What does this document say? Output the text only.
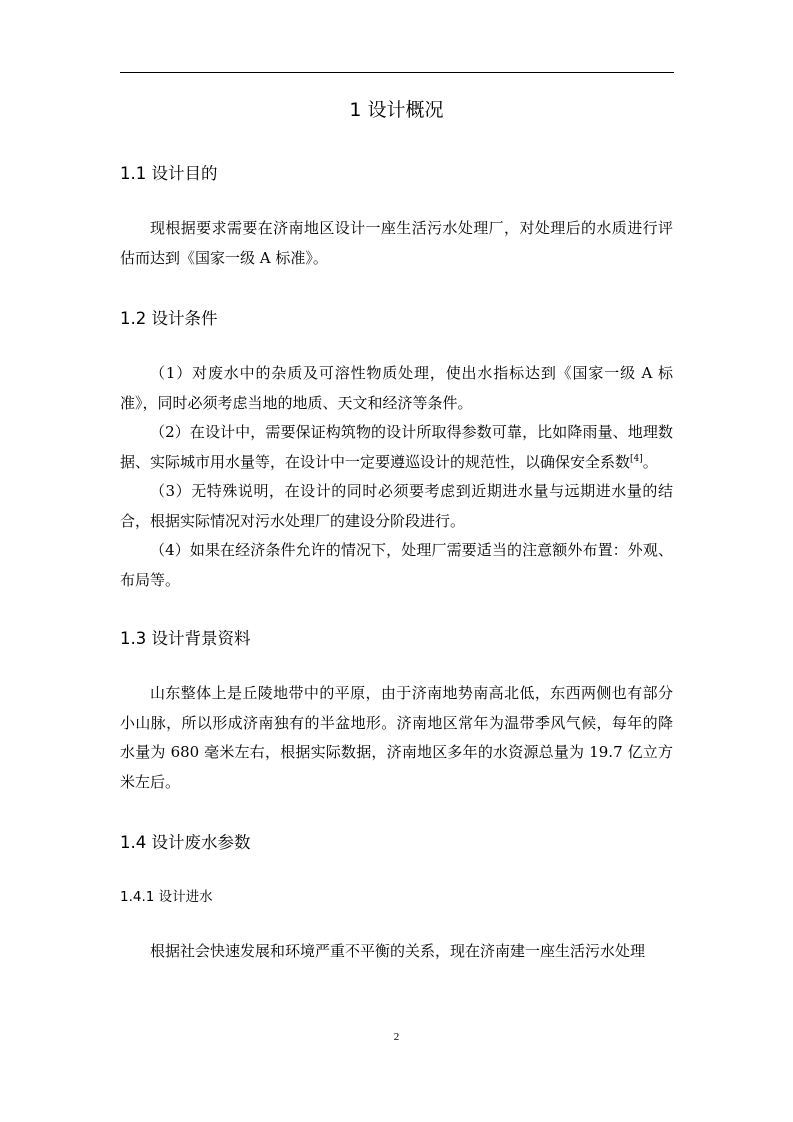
1 设计概况
1.1 设计目的

现根据要求需要在济南地区设计一座生活污水处理厂，对处理后的水质进行评估而达到《国家一级 A 标准》。

1.2 设计条件

（1）对废水中的杂质及可溶性物质处理，使出水指标达到《国家一级 A 标准》，同时必须考虑当地的地质、天文和经济等条件。

（2）在设计中，需要保证构筑物的设计所取得参数可靠，比如降雨量、地理数据、实际城市用水量等，在设计中一定要遵巡设计的规范性，以确保安全系数[4]。

（3）无特殊说明，在设计的同时必须要考虑到近期进水量与远期进水量的结合，根据实际情况对污水处理厂的建设分阶段进行。

（4）如果在经济条件允许的情况下，处理厂需要适当的注意额外布置：外观、布局等。

1.3 设计背景资料

山东整体上是丘陵地带中的平原，由于济南地势南高北低，东西两侧也有部分小山脉，所以形成济南独有的半盆地形。济南地区常年为温带季风气候，每年的降水量为 680 毫米左右，根据实际数据，济南地区多年的水资源总量为 19.7 亿立方米左后。

1.4 设计废水参数
1.4.1 设计进水

根据社会快速发展和环境严重不平衡的关系，现在济南建一座生活污水处理

2
